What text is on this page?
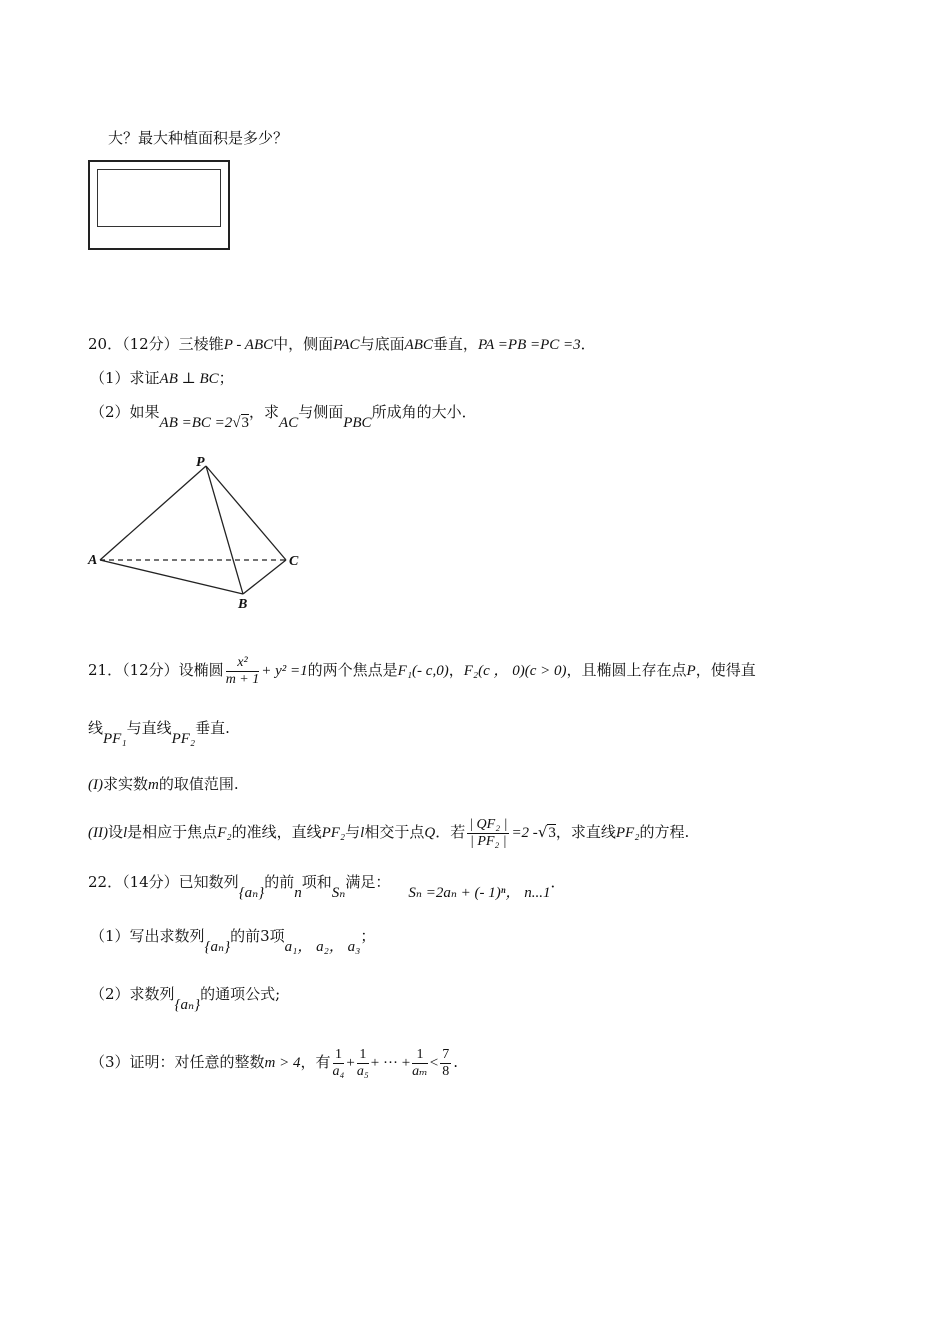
大？最大种植面积是多少？
20．（12分）三棱锥P - ABC中，侧面PAC与底面ABC垂直，PA =PB =PC =3．
（1）求证AB ⊥ BC；
（2）如果AB =BC =2√3，求AC与侧面PBC所成角的大小．
P
A
B
C
21．（12分）设椭圆 $\frac{\text{x²}}{m + 1} + y^2 =1$的两个焦点是F₁(- c,0)，F₂(c ， 0)(c > 0)，且椭圆上存在点P，使得直
线PF₁与直线PF₂垂直.
(I)求实数m的取值范围.
(II)设l是相应于焦点F₂的准线，直线PF₂与l相交于点Q．若 $\frac{\text{| QF₂ |}}{\text{| PF₂ |}} =2$ -√3，求直线PF₂的方程.
22．（14分）已知数列{aₙ}的前n项和Sₙ满足：Sₙ =2aₙ + (- 1)ⁿ， n...1．
（1）写出求数列{aₙ}的前3项a₁， a₂， a₃；
（2）求数列{aₙ}的通项公式;
（3）证明：对任意的整数m > 4，有 $\frac{1}{\text{a₄}} + \frac{1}{\text{a₅}}$ + ··· + $\frac{1}{\text{aₘ}} < \frac{7}{8}$ .
